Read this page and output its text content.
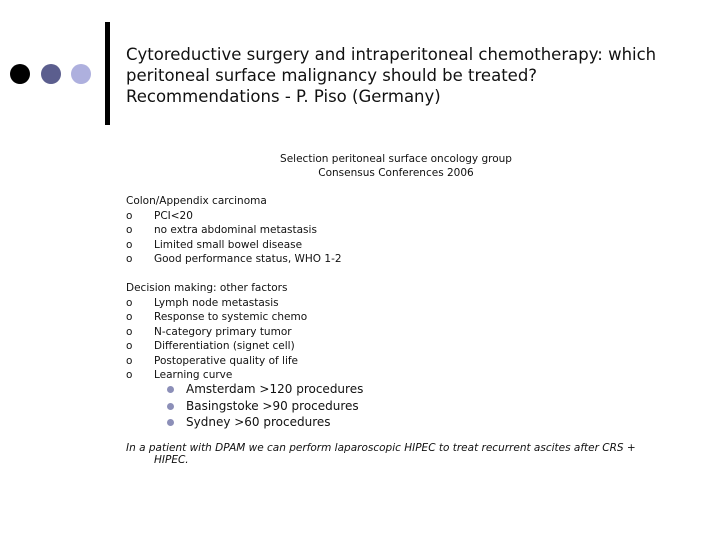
Cytoreductive surgery and intraperitoneal chemotherapy: which
peritoneal surface malignancy should be treated?
Recommendations - P. Piso (Germany)
Selection peritoneal surface oncology group
Consensus Conferences 2006
Colon/Appendix carcinoma
o PCI<20
o no extra abdominal metastasis
o Limited small bowel disease
o Good performance status, WHO 1-2
Decision making: other factors
o Lymph node metastasis
o Response to systemic chemo
o N-category primary tumor
o Differentiation (signet cell)
o Postoperative quality of life
o Learning curve
Amsterdam >120 procedures
Basingstoke >90 procedures
Sydney >60 procedures
In a patient with DPAM we can perform laparoscopic HIPEC to treat recurrent ascites after CRS +
HIPEC.
